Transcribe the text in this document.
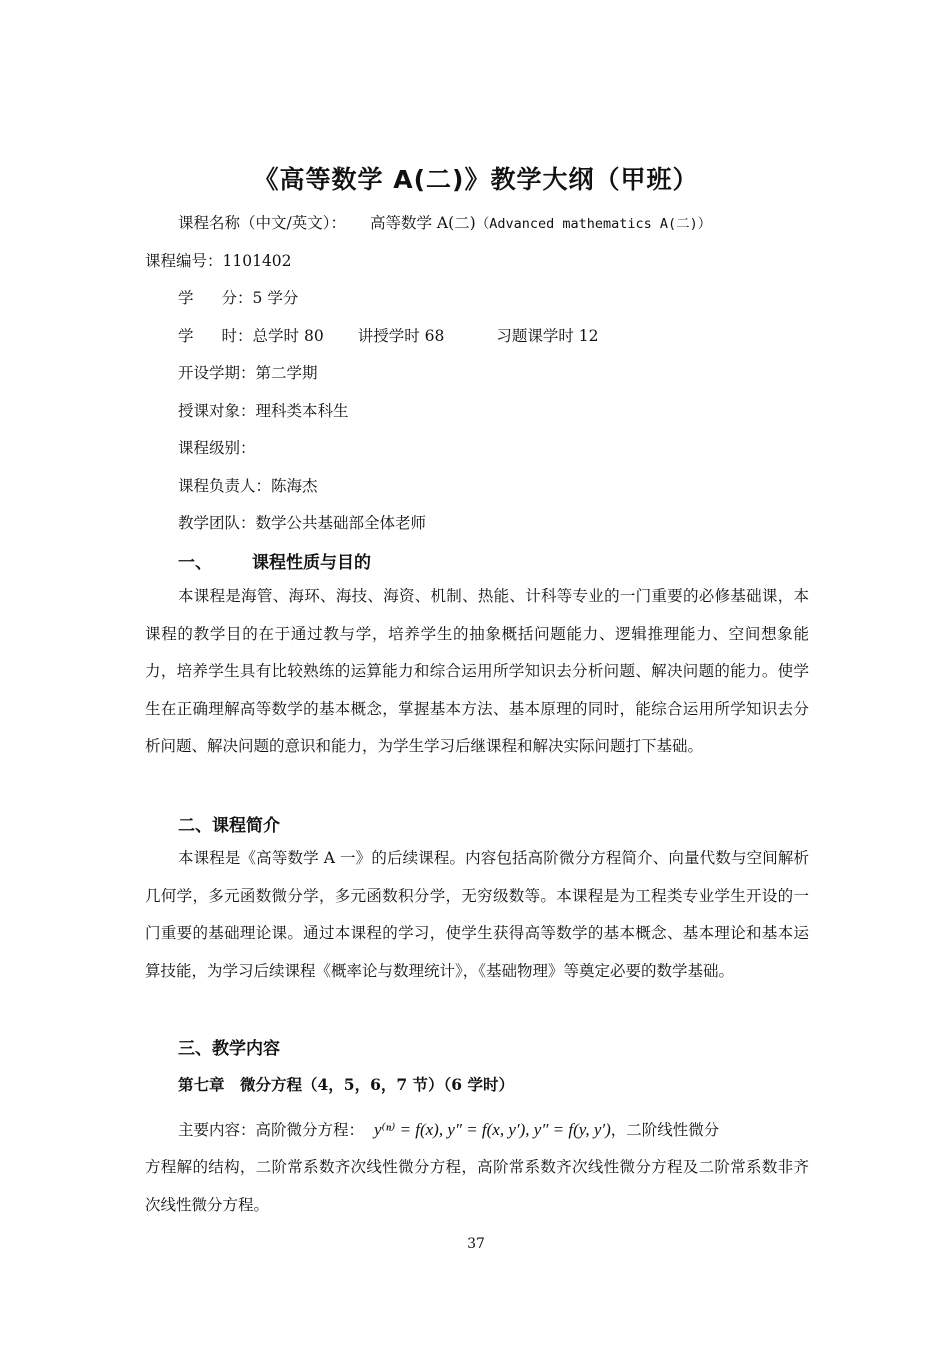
《高等数学 A(二)》教学大纲（甲班）
课程名称（中文/英文）： 高等数学 A(二)（Advanced mathematics A(二)）
课程编号：1101402
学 分：5 学分
学 时：总学时 80 讲授学时 68	习题课学时 12
开设学期：第二学期
授课对象：理科类本科生
课程级别：
课程负责人：陈海杰
教学团队：数学公共基础部全体老师
一、 课程性质与目的

本课程是海管、海环、海技、海资、机制、热能、计科等专业的一门重要的必修基础课，本课程的教学目的在于通过教与学，培养学生的抽象概括问题能力、逻辑推理能力、空间想象能力，培养学生具有比较熟练的运算能力和综合运用所学知识去分析问题、解决问题的能力。使学生在正确理解高等数学的基本概念，掌握基本方法、基本原理的同时，能综合运用所学知识去分析问题、解决问题的意识和能力，为学生学习后继课程和解决实际问题打下基础。

二、课程简介

本课程是《高等数学 A 一》的后续课程。内容包括高阶微分方程简介、向量代数与空间解析几何学，多元函数微分学，多元函数积分学，无穷级数等。本课程是为工程类专业学生开设的一门重要的基础理论课。通过本课程的学习，使学生获得高等数学的基本概念、基本理论和基本运算技能，为学习后续课程《概率论与数理统计》，《基础物理》等奠定必要的数学基础。

三、教学内容
第七章　微分方程（4，5，6，7 节）（6 学时）
主要内容：高阶微分方程： y⁽ⁿ⁾ = f(x), y″ = f(x, y′), y″ = f(y, y′)，二阶线性微分

方程解的结构，二阶常系数齐次线性微分方程，高阶常系数齐次线性微分方程及二阶常系数非齐次线性微分方程。

37
